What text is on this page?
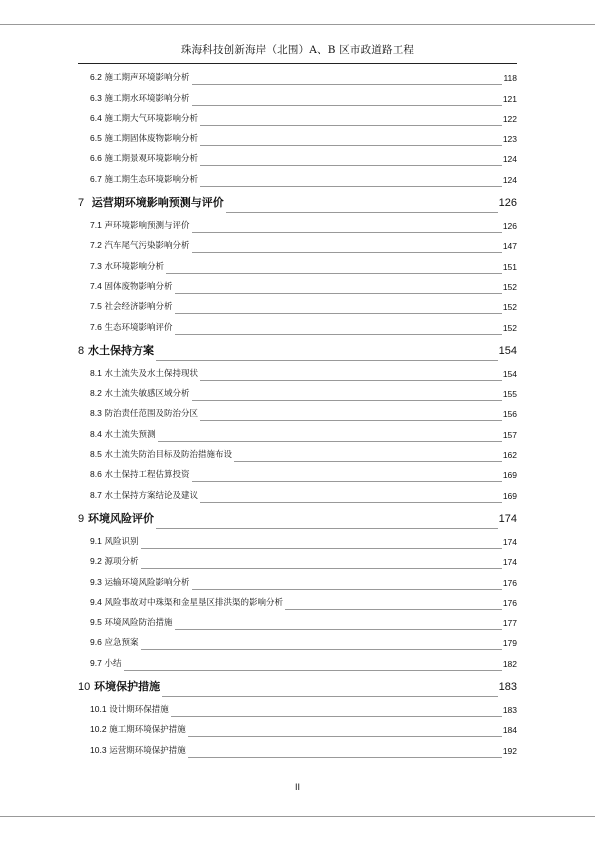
珠海科技创新海岸（北围）A、B 区市政道路工程
6.2 施工期声环境影响分析	118
6.3 施工期水环境影响分析	121
6.4 施工期大气环境影响分析	122
6.5 施工期固体废物影响分析	123
6.6 施工期景观环境影响分析	124
6.7 施工期生态环境影响分析	124
7 运营期环境影响预测与评价	126
7.1 声环境影响预测与评价	126
7.2 汽车尾气污染影响分析	147
7.3 水环境影响分析	151
7.4 固体废物影响分析	152
7.5 社会经济影响分析	152
7.6 生态环境影响评价	152
8 水土保持方案	154
8.1 水土流失及水土保持现状	154
8.2 水土流失敏感区域分析	155
8.3 防治责任范围及防治分区	156
8.4 水土流失预测	157
8.5 水土流失防治目标及防治措施布设	162
8.6 水土保持工程估算投资	169
8.7 水土保持方案结论及建议	169
9 环境风险评价	174
9.1 风险识别	174
9.2 源项分析	174
9.3 运输环境风险影响分析	176
9.4 风险事故对中珠渠和金星垦区排洪渠的影响分析	176
9.5 环境风险防治措施	177
9.6 应急预案	179
9.7 小结	182
10 环境保护措施	183
10.1 设计期环保措施	183
10.2 施工期环境保护措施	184
10.3 运营期环境保护措施	192
II
